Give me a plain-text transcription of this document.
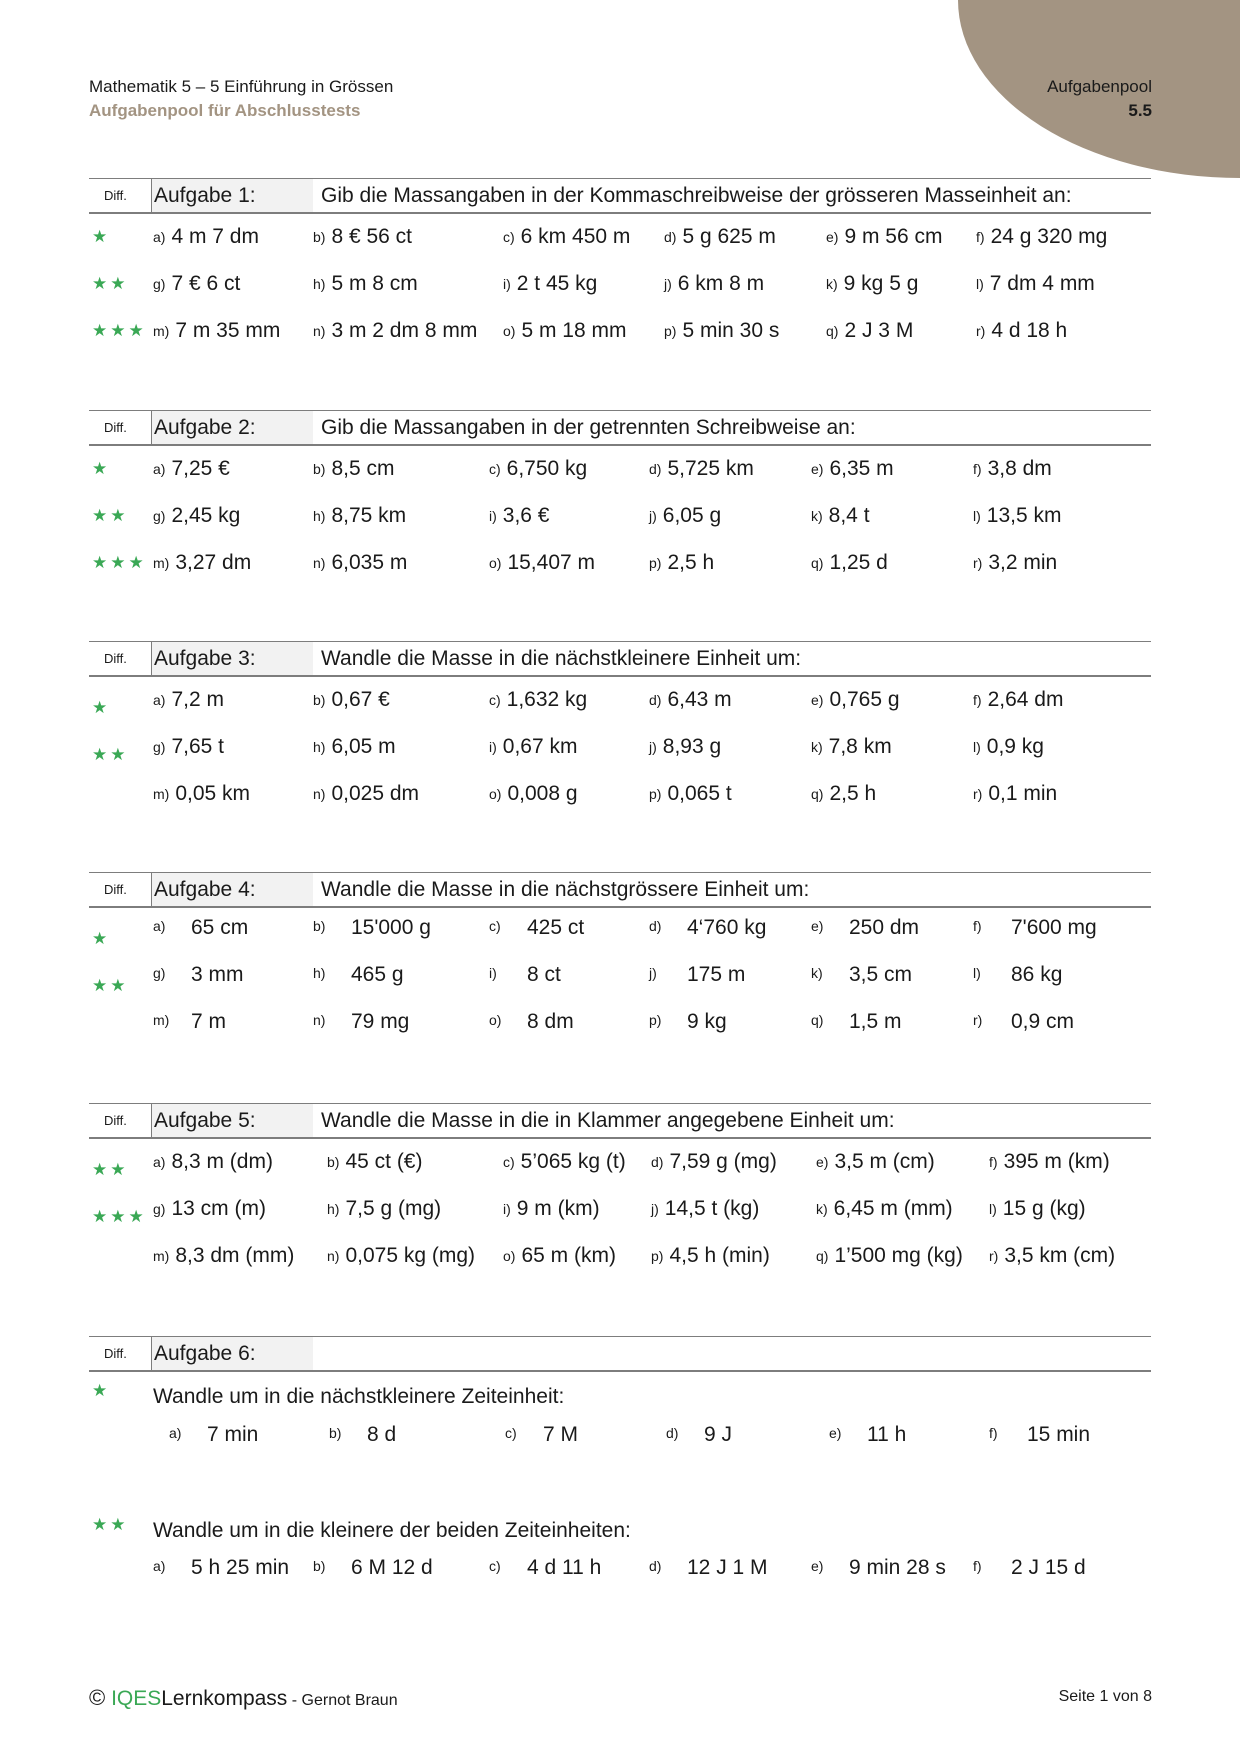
Mathematik 5 – 5 Einführung in Grössen
Aufgabenpool für Abschlusstests
Aufgabenpool
5.5
Diff. Aufgabe 1:	Gib die Massangaben in der Kommaschreibweise der grösseren Masseinheit an:
★	a) 4 m 7 dm	b) 8 € 56 ct	c) 6 km 450 m d) 5 g 625 m	e) 9 m 56 cm f) 24 g 320 mg
★★ g) 7 € 6 ct	h) 5 m 8 cm	i) 2 t 45 kg	j) 6 km 8 m	k) 9 kg 5 g	l) 7 dm 4 mm
★★★ m) 7 m 35 mm n) 3 m 2 dm 8 mm o) 5 m 18 mm	p) 5 min 30 s	q) 2 J 3 M	r) 4 d 18 h
Diff. Aufgabe 2:	Gib die Massangaben in der getrennten Schreibweise an:
★	a) 7,25 €	b) 8,5 cm	c) 6,750 kg	d) 5,725 km	e) 6,35 m	f) 3,8 dm
★★ g) 2,45 kg	h) 8,75 km	i) 3,6 €	j) 6,05 g	k) 8,4 t	l) 13,5 km
★★★ m) 3,27 dm	n) 6,035 m	o) 15,407 m	p) 2,5 h	q) 1,25 d	r) 3,2 min
Diff. Aufgabe 3:	Wandle die Masse in die nächstkleinere Einheit um:
★	a) 7,2 m	b) 0,67 €	c) 1,632 kg	d) 6,43 m	e) 0,765 g	f) 2,64 dm
★★ g) 7,65 t	h) 6,05 m	i) 0,67 km	j) 8,93 g	k) 7,8 km	l) 0,9 kg
m) 0,05 km	n) 0,025 dm	o) 0,008 g	p) 0,065 t	q) 2,5 h	r) 0,1 min
Diff. Aufgabe 4:	Wandle die Masse in die nächstgrössere Einheit um:
★
a) 65 cm	b) 15'000 g	c) 425 ct	d) 4‘760 kg	e) 250 dm	f) 7'600 mg
★★
g) 3 mm	h) 465 g	i) 8 ct	j) 175 m	k) 3,5 cm	l) 86 kg
m) 7 m	n) 79 mg	o) 8 dm	p) 9 kg	q) 1,5 m	r) 0,9 cm
Diff. Aufgabe 5:	Wandle die Masse in die in Klammer angegebene Einheit um:
★★ a) 8,3 m (dm)	b) 45 ct (€)	c) 5’065 kg (t) d) 7,59 g (mg)	e) 3,5 m (cm)	f) 395 m (km)
★★★ g) 13 cm (m)	h) 7,5 g (mg)	i) 9 m (km)	j) 14,5 t (kg)	k) 6,45 m (mm)	l) 15 g (kg)
m) 8,3 dm (mm) n) 0,075 kg (mg) o) 65 m (km)	p) 4,5 h (min)	q) 1’500 mg (kg) r) 3,5 km (cm)
Diff. Aufgabe 6:
★ Wandle um in die nächstkleinere Zeiteinheit:
a) 7 min	b) 8 d	c) 7 M	d) 9 J	e) 11 h	f) 15 min
★★ Wandle um in die kleinere der beiden Zeiteinheiten:
a) 5 h 25 min b) 6 M 12 d	c) 4 d 11 h	d) 12 J 1 M	e) 9 min 28 s f) 2 J 15 d
© IQESLernkompass - Gernot Braun	Seite 1 von 8
